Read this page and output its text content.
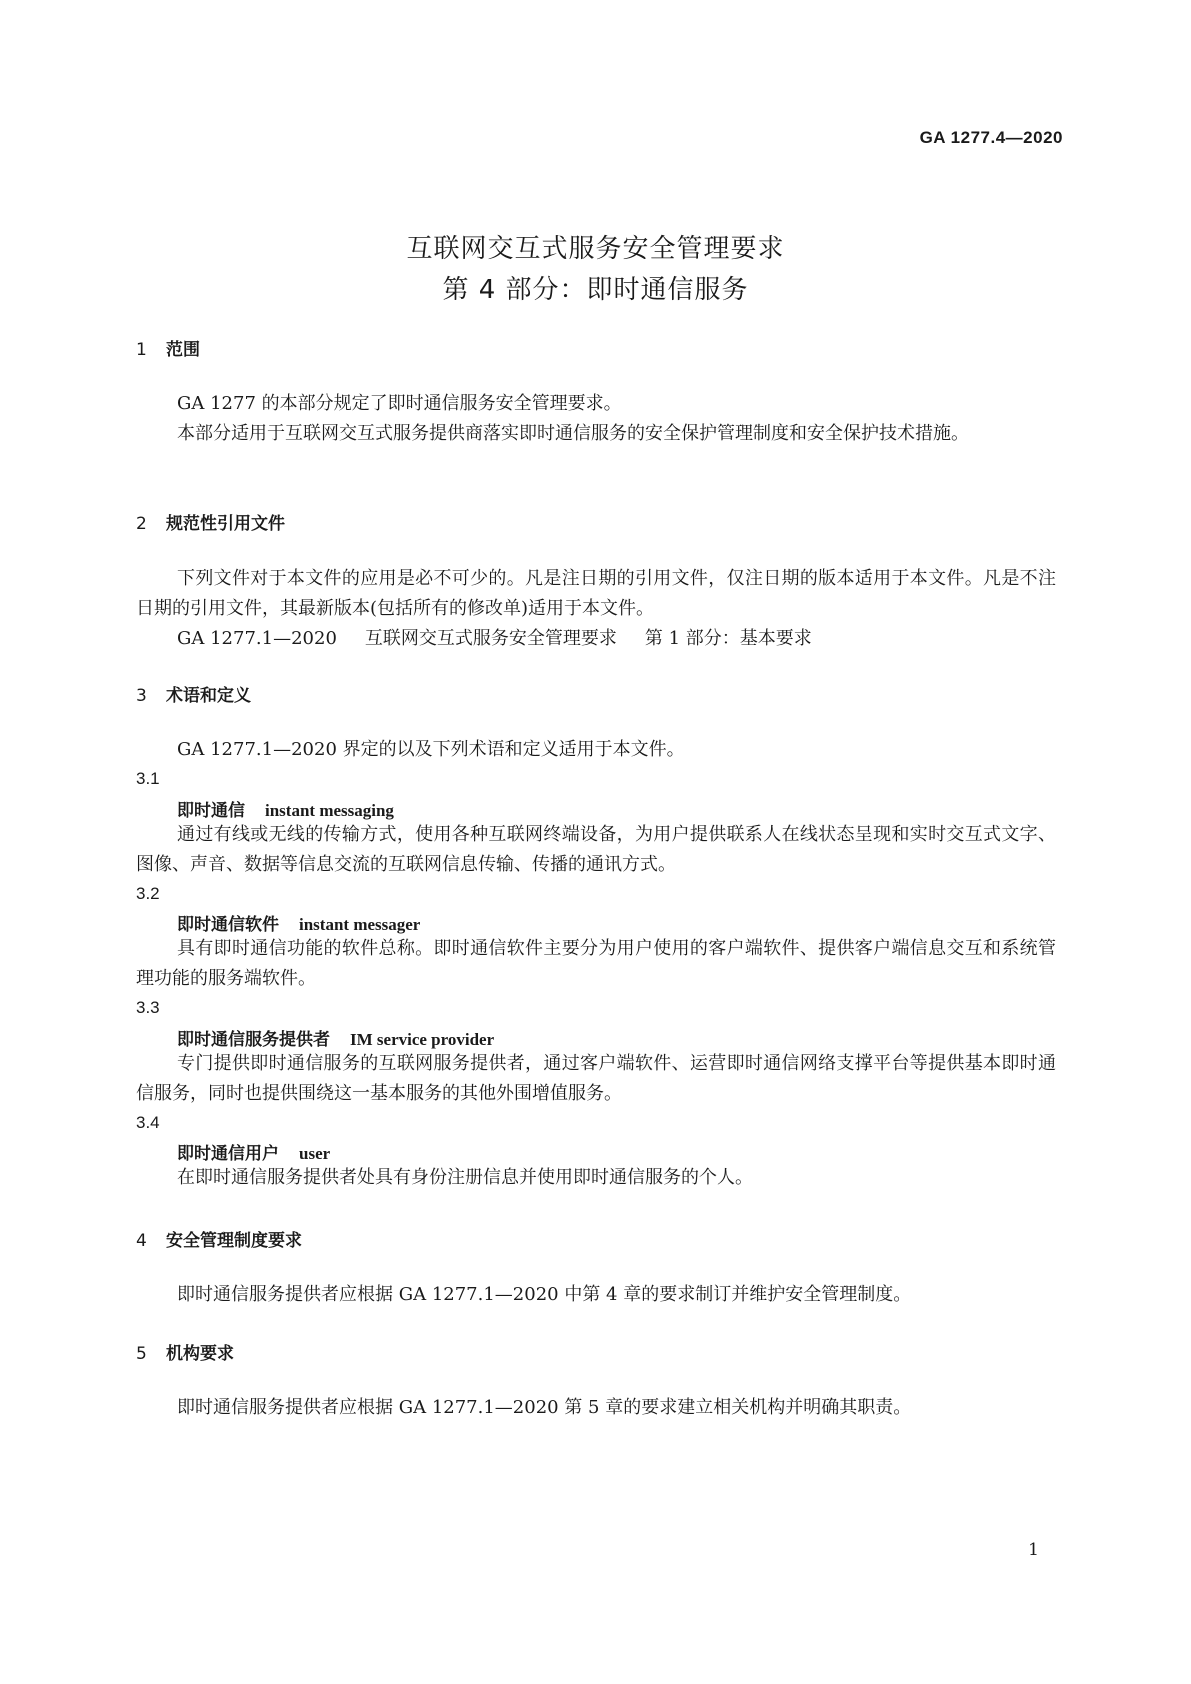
GA 1277.4—2020
互联网交互式服务安全管理要求
第 4 部分：即时通信服务
1 范围
GA 1277 的本部分规定了即时通信服务安全管理要求。
本部分适用于互联网交互式服务提供商落实即时通信服务的安全保护管理制度和安全保护技术措施。
2 规范性引用文件
下列文件对于本文件的应用是必不可少的。凡是注日期的引用文件，仅注日期的版本适用于本文件。凡是不注日期的引用文件，其最新版本(包括所有的修改单)适用于本文件。
GA 1277.1—2020 互联网交互式服务安全管理要求 第 1 部分：基本要求
3 术语和定义
GA 1277.1—2020 界定的以及下列术语和定义适用于本文件。
3.1
即时通信 instant messaging
通过有线或无线的传输方式，使用各种互联网终端设备，为用户提供联系人在线状态呈现和实时交互式文字、图像、声音、数据等信息交流的互联网信息传输、传播的通讯方式。
3.2
即时通信软件 instant messager
具有即时通信功能的软件总称。即时通信软件主要分为用户使用的客户端软件、提供客户端信息交互和系统管理功能的服务端软件。
3.3
即时通信服务提供者 IM service provider
专门提供即时通信服务的互联网服务提供者，通过客户端软件、运营即时通信网络支撑平台等提供基本即时通信服务，同时也提供围绕这一基本服务的其他外围增值服务。
3.4
即时通信用户 user
在即时通信服务提供者处具有身份注册信息并使用即时通信服务的个人。
4 安全管理制度要求
即时通信服务提供者应根据 GA 1277.1—2020 中第 4 章的要求制订并维护安全管理制度。
5 机构要求
即时通信服务提供者应根据 GA 1277.1—2020 第 5 章的要求建立相关机构并明确其职责。
1
